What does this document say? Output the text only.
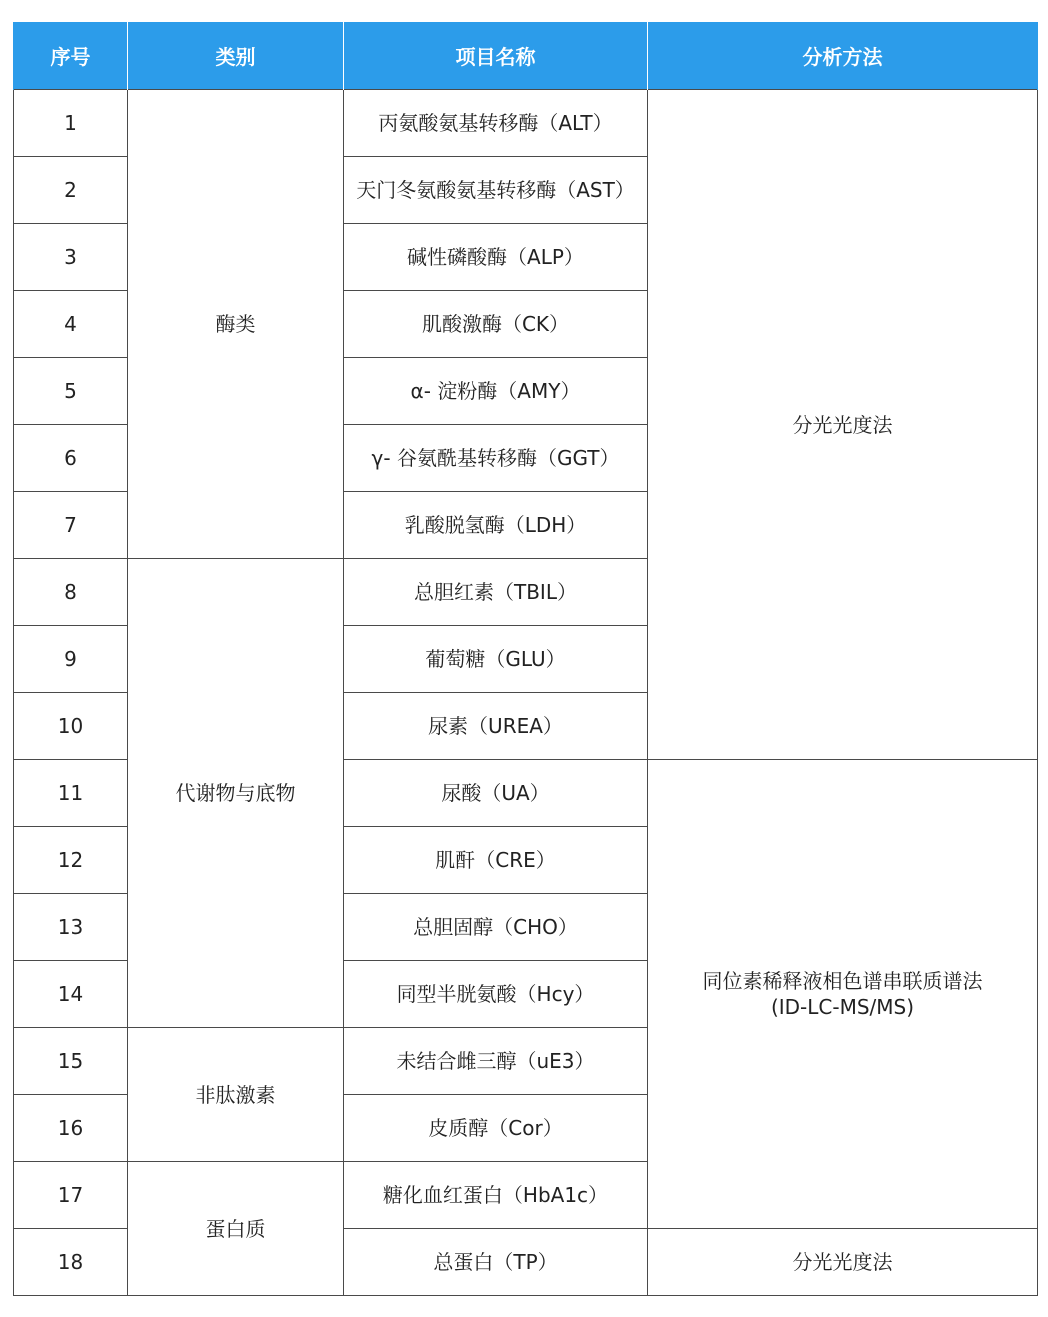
序号	类别	项目名称	分析方法
1	酶类	丙氨酸氨基转移酶（ALT）	分光光度法
2		天门冬氨酸氨基转移酶（AST）	
3		碱性磷酸酶（ALP）	
4		肌酸激酶（CK）	
5		α- 淀粉酶（AMY）	
6		γ- 谷氨酰基转移酶（GGT）	
7		乳酸脱氢酶（LDH）	
8	代谢物与底物	总胆红素（TBIL）	
9		葡萄糖（GLU）	
10		尿素（UREA）	
11		尿酸（UA）	同位素稀释液相色谱串联质谱法
(ID-LC-MS/MS)

12		肌酐（CRE）	
13		总胆固醇（CHO）	
14		同型半胱氨酸（Hcy）	
15	非肽激素	未结合雌三醇（uE3）	
16		皮质醇（Cor）	
17	蛋白质	糖化血红蛋白（HbA1c）	
18		总蛋白（TP）	分光光度法
